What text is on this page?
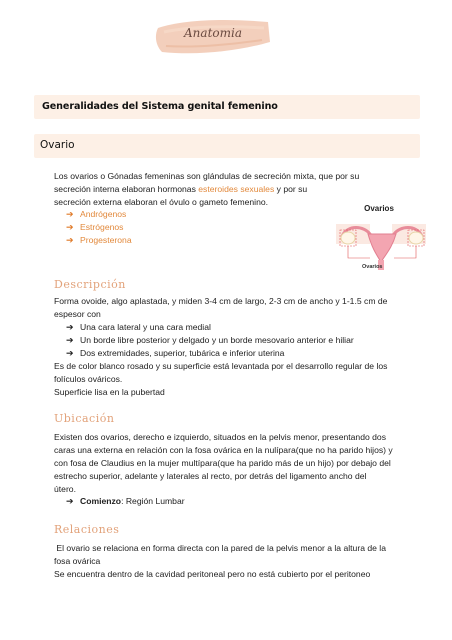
Anatomia
Generalidades del Sistema genital femenino
Ovario
Los ovarios o Gónadas femeninas son glándulas de secreción mixta, que por su
secreción interna elaboran hormonas esteroides sexuales y por su
secreción externa elaboran el óvulo o gameto femenino.
➔ Andrógenos
➔ Estrógenos
➔ Progesterona
Ovarios
Ovarios
Descripción
Forma ovoide, algo aplastada, y miden 3-4 cm de largo, 2-3 cm de ancho y 1-1.5 cm de
espesor con
➔ Una cara lateral y una cara medial
➔ Un borde libre posterior y delgado y un borde mesovario anterior e hiliar
➔ Dos extremidades, superior, tubárica e inferior uterina
Es de color blanco rosado y su superficie está levantada por el desarrollo regular de los
folículos ováricos.
Superficie lisa en la pubertad
Ubicación
Existen dos ovarios, derecho e izquierdo, situados en la pelvis menor, presentando dos
caras una externa en relación con la fosa ovárica en la nulípara(que no ha parido hijos) y
con fosa de Claudius en la mujer multípara(que ha parido más de un hijo) por debajo del
estrecho superior, adelante y laterales al recto, por detrás del ligamento ancho del
útero.
➔ Comienzo : Región Lumbar
Relaciones
El ovario se relaciona en forma directa con la pared de la pelvis menor a la altura de la
fosa ovárica
Se encuentra dentro de la cavidad peritoneal pero no está cubierto por el peritoneo
